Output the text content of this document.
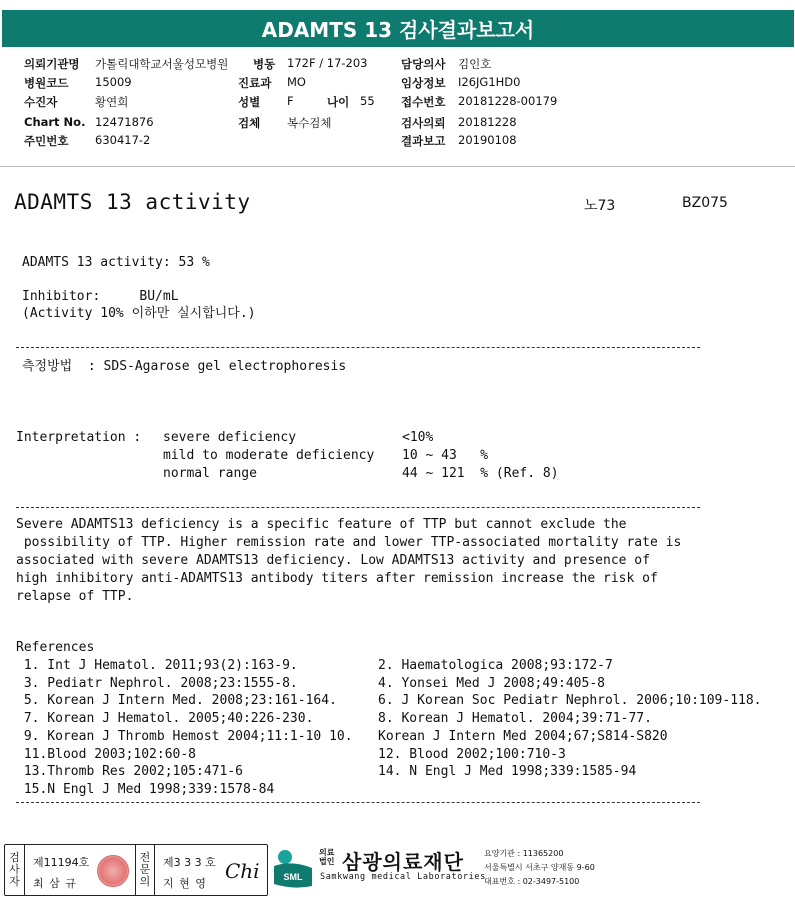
ADAMTS 13 검사결과보고서
의뢰기관명 가톨릭대학교서울성모병원 병동 172F / 17-203	담당의사 김인호
병원코드 15009	진료과 MO	임상정보 I26JG1HD0
수진자	황연희	성별 F	나이 55 접수번호 20181228-00179
Chart No. 12471876	검체 복수검체	검사의뢰 20181228
주민번호 630417-2	결과보고 20190108
ADAMTS 13 activity	노73	BZ075
ADAMTS 13 activity: 53 %
Inhibitor:     BU/mL
(Activity 10% 이하만 실시합니다.)
측정방법  : SDS-Agarose gel electrophoresis
Interpretation : severe deficiency	<10%
mild to moderate deficiency 10 ~ 43   %
normal range	44 ~ 121  % (Ref. 8)
Severe ADAMTS13 deficiency is a specific feature of TTP but cannot exclude the
possibility of TTP. Higher remission rate and lower TTP-associated mortality rate is
associated with severe ADAMTS13 deficiency. Low ADAMTS13 activity and presence of
high inhibitory anti-ADAMTS13 antibody titers after remission increase the risk of
relapse of TTP.
References
1. Int J Hematol. 2011;93(2):163-9.	2. Haematologica 2008;93:172-7
3. Pediatr Nephrol. 2008;23:1555-8.	4. Yonsei Med J 2008;49:405-8
5. Korean J Intern Med. 2008;23:161-164.	6. J Korean Soc Pediatr Nephrol. 2006;10:109-118.
7. Korean J Hematol. 2005;40:226-230.	8. Korean J Hematol. 2004;39:71-77.
9. Korean J Thromb Hemost 2004;11:1-10 10. Korean J Intern Med 2004;67;S814-S820
11.Blood 2003;102:60-8	12. Blood 2002;100:710-3
13.Thromb Res 2002;105:471-6	14. N Engl J Med 1998;339:1585-94
15.N Engl J Med 1998;339:1578-84
검
사
자
제11194호
최 삼 규
전
문
의
제3 3 3 호
지 현 영
Chi	SML
의료
법인 삼광의료재단
Samkwang medical Laboratories
요양기관 : 11365200
서울특별시 서초구 양재동 9-60
대표번호 : 02-3497-5100
